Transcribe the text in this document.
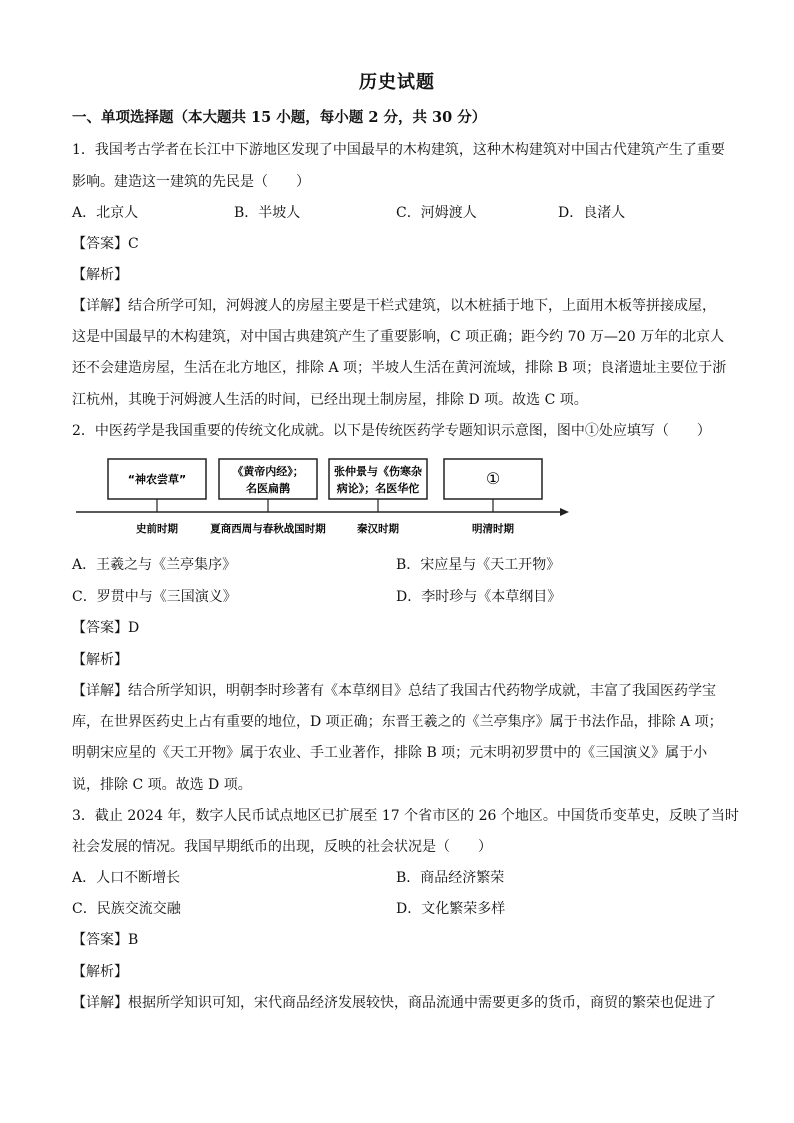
历史试题
一、单项选择题（本大题共 15 小题，每小题 2 分，共 30 分）
1．我国考古学者在长江中下游地区发现了中国最早的木构建筑，这种木构建筑对中国古代建筑产生了重要
影响。建造这一建筑的先民是（　　）
A．北京人	B．半坡人	C．河姆渡人	D．良渚人
【答案】C
【解析】
【详解】结合所学可知，河姆渡人的房屋主要是干栏式建筑，以木桩插于地下，上面用木板等拼接成屋，
这是中国最早的木构建筑，对中国古典建筑产生了重要影响，C 项正确；距今约 70 万—20 万年的北京人
还不会建造房屋，生活在北方地区，排除 A 项；半坡人生活在黄河流域，排除 B 项；良渚遗址主要位于浙
江杭州，其晚于河姆渡人生活的时间，已经出现土制房屋，排除 D 项。故选 C 项。
2．中医药学是我国重要的传统文化成就。以下是传统医药学专题知识示意图，图中①处应填写（　　）
“神农尝草”
《黄帝内经》；
名医扁鹊
张仲景与《伤寒杂
病论》；名医华佗
①
史前时期	夏商西周与春秋战国时期	秦汉时期	明清时期
A．王羲之与《兰亭集序》	B．宋应星与《天工开物》
C．罗贯中与《三国演义》	D．李时珍与《本草纲目》
【答案】D
【解析】
【详解】结合所学知识，明朝李时珍著有《本草纲目》总结了我国古代药物学成就，丰富了我国医药学宝
库，在世界医药史上占有重要的地位，D 项正确；东晋王羲之的《兰亭集序》属于书法作品，排除 A 项；
明朝宋应星的《天工开物》属于农业、手工业著作，排除 B 项；元末明初罗贯中的《三国演义》属于小
说，排除 C 项。故选 D 项。
3．截止 2024 年，数字人民币试点地区已扩展至 17 个省市区的 26 个地区。中国货币变革史，反映了当时
社会发展的情况。我国早期纸币的出现，反映的社会状况是（　　）
A．人口不断增长	B．商品经济繁荣
C．民族交流交融	D．文化繁荣多样
【答案】B
【解析】
【详解】根据所学知识可知，宋代商品经济发展较快，商品流通中需要更多的货币，商贸的繁荣也促进了
